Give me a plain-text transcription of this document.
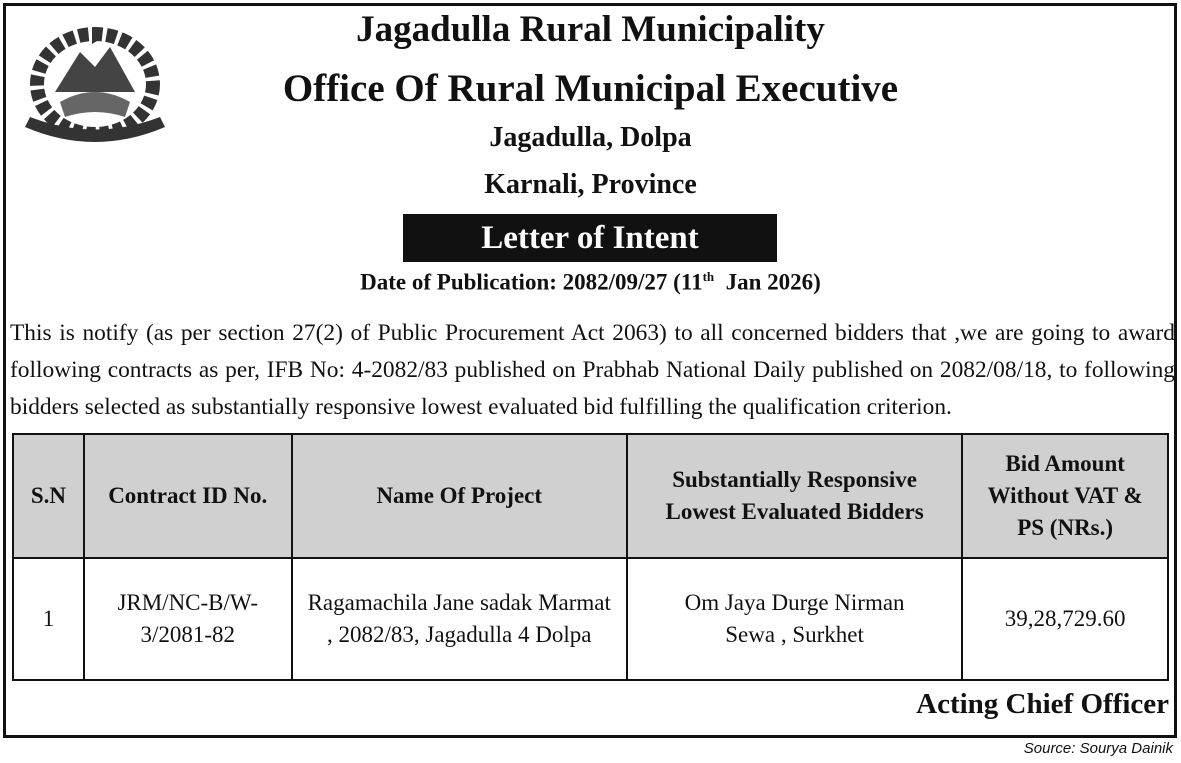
Jagadulla Rural Municipality
Office Of Rural Municipal Executive
Jagadulla, Dolpa
Karnali, Province
Letter of Intent
Date of Publication: 2082/09/27 (11th  Jan 2026)
This is notify (as per section 27(2) of Public Procurement Act 2063) to all concerned bidders that ,we are going to award following contracts as per, IFB No: 4-2082/83 published on Prabhab National Daily published on 2082/08/18, to following bidders selected as substantially responsive lowest evaluated bid fulfilling the qualification criterion.
S.N	Contract ID No.	Name Of Project	Substantially Responsive Lowest Evaluated Bidders	Bid Amount Without VAT & PS (NRs.)
1	JRM/NC-B/W-3/2081-82	Ragamachila Jane sadak Marmat , 2082/83, Jagadulla 4 Dolpa	Om Jaya Durge Nirman Sewa , Surkhet	39,28,729.60
Acting Chief Officer
Source: Sourya Dainik
